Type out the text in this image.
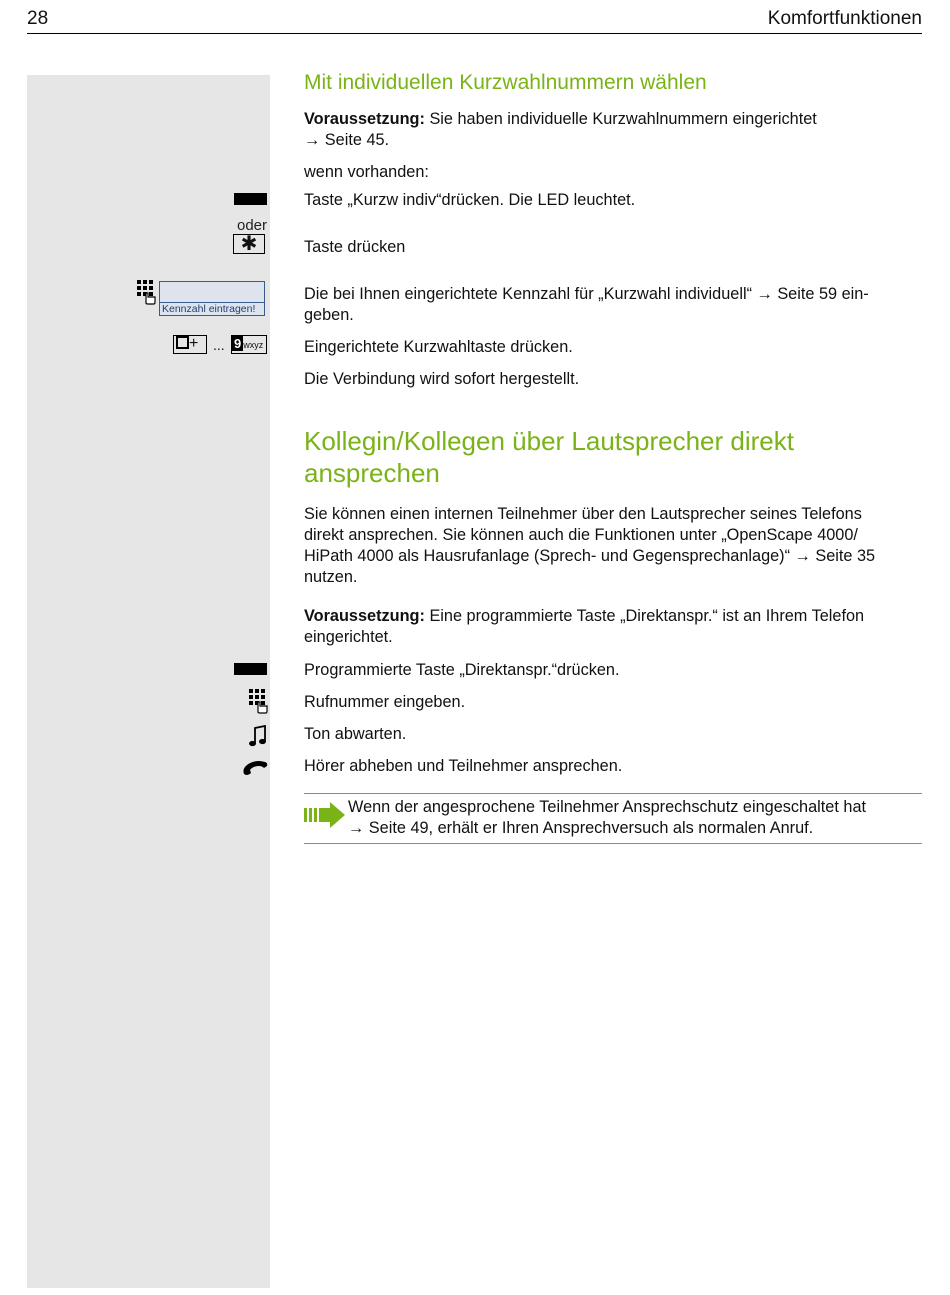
28	Komfortfunktionen
Mit individuellen Kurzwahlnummern wählen
Voraussetzung: Sie haben individuelle Kurzwahlnummern eingerichtet
→ Seite 45.
wenn vorhanden:
Taste „Kurzw indiv“drücken. Die LED leuchtet.
oder
✱	Taste drücken
Kennzahl eintragen!
Die bei Ihnen eingerichtete Kennzahl für „Kurzwahl individuell“ → Seite 59 ein-
geben.
+	... 9 wxyz	Eingerichtete Kurzwahltaste drücken.
Die Verbindung wird sofort hergestellt.
Kollegin/Kollegen über Lautsprecher direkt
ansprechen
Sie können einen internen Teilnehmer über den Lautsprecher seines Telefons
direkt ansprechen. Sie können auch die Funktionen unter „OpenScape 4000/
HiPath 4000 als Hausrufanlage (Sprech- und Gegensprechanlage)“ → Seite 35
nutzen.
Voraussetzung: Eine programmierte Taste „Direktanspr.“ ist an Ihrem Telefon
eingerichtet.
Programmierte Taste „Direktanspr.“drücken.
Rufnummer eingeben.
Ton abwarten.
Hörer abheben und Teilnehmer ansprechen.
Wenn der angesprochene Teilnehmer Ansprechschutz eingeschaltet hat
→ Seite 49, erhält er Ihren Ansprechversuch als normalen Anruf.
